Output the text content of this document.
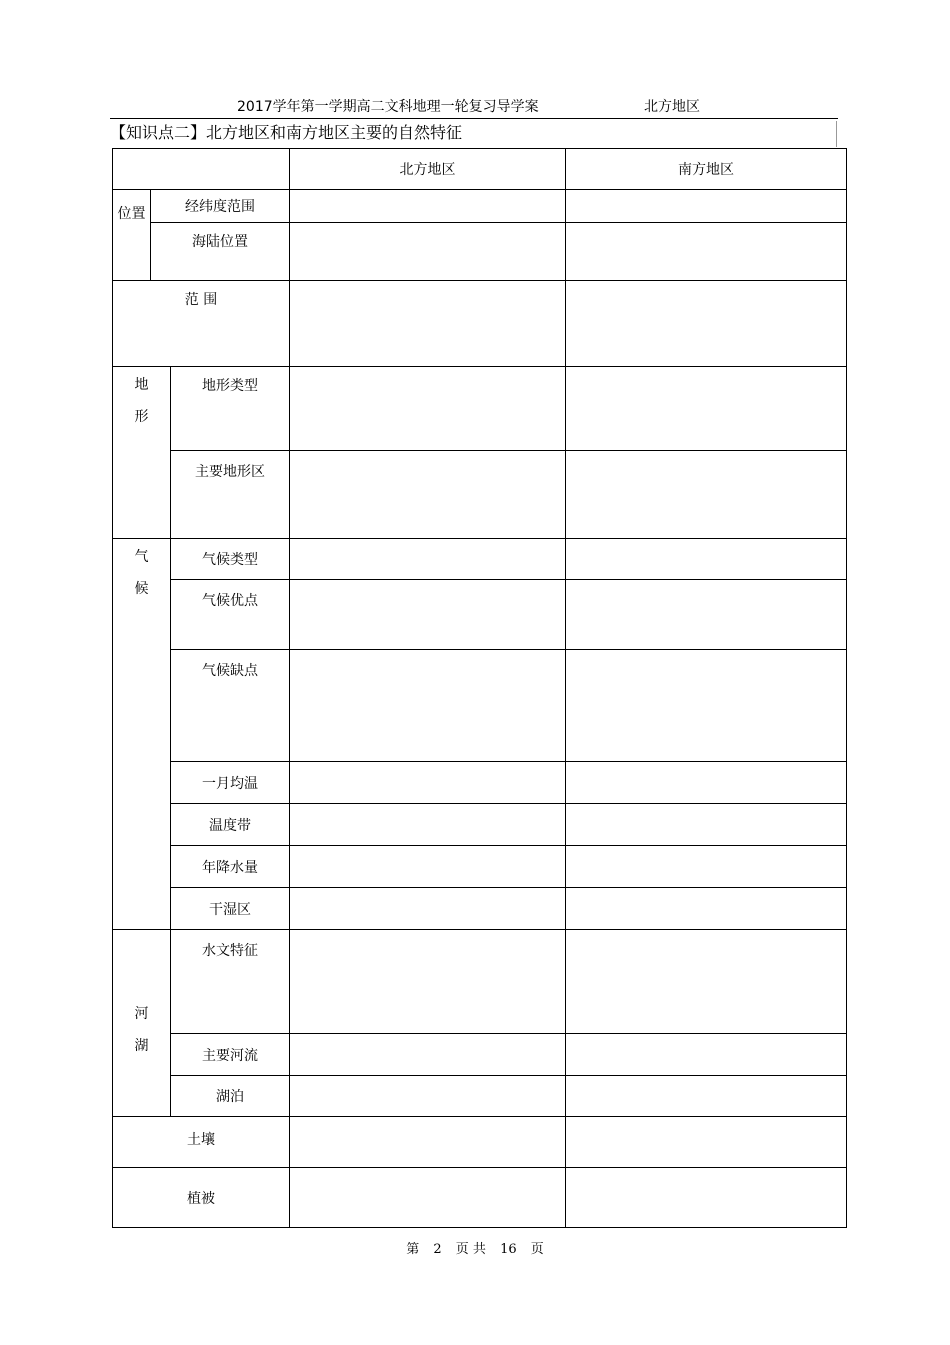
2017学年第一学期高二文科地理一轮复习导学案	北方地区
【知识点二】北方地区和南方地区主要的自然特征
			北方地区	南方地区

位置	经纬度范围			
	海陆位置			
范 围				

地
形		地形类型		
		主要地形区		

气
候		气候类型		
		气候优点		
		气候缺点		
		一月均温		
		温度带		
		年降水量		
		干湿区		

河
湖		水文特征		
		主要河流		
		湖泊		
土壤				
植被				
第 2 页 共 16 页
